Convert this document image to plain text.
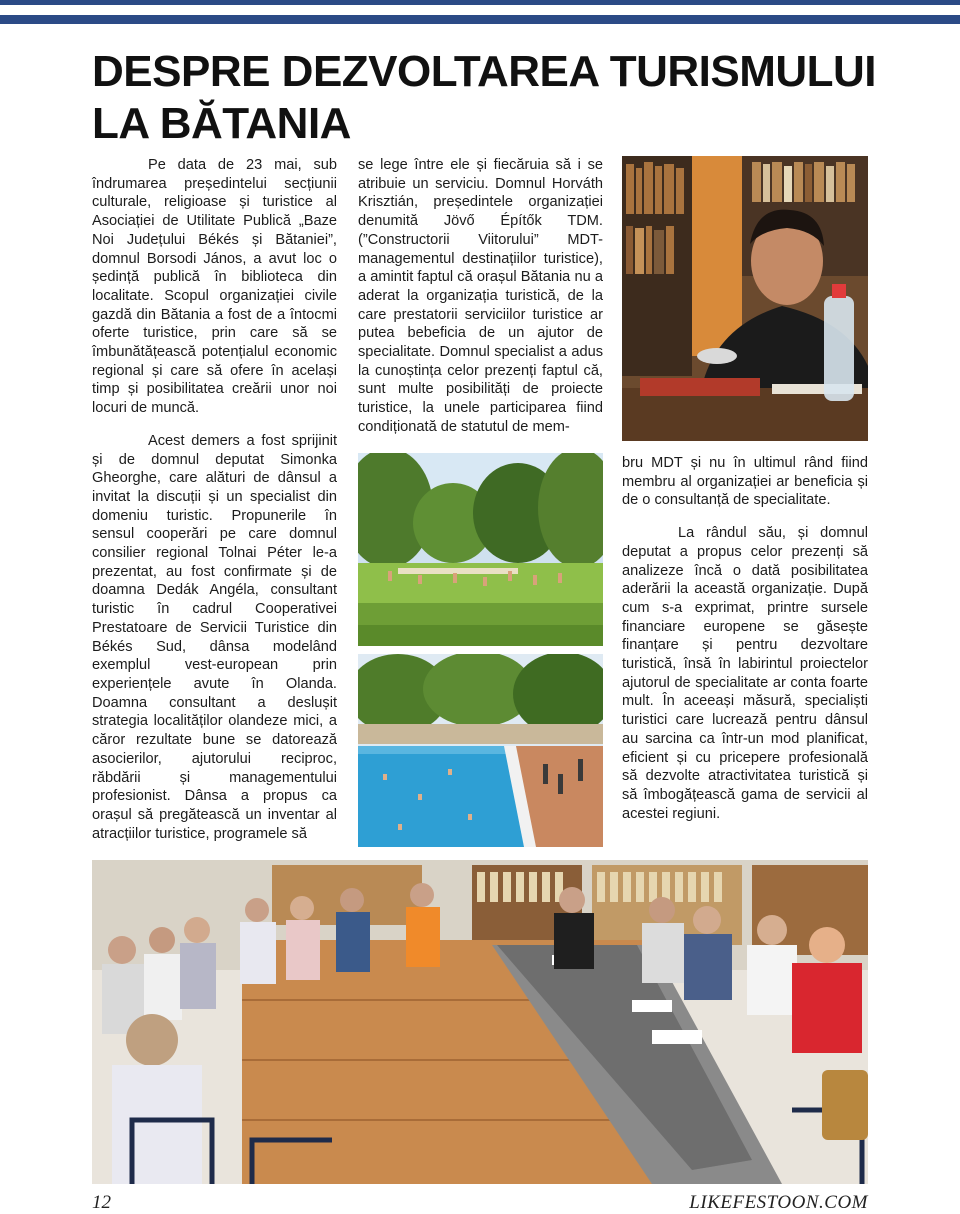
DESPRE DEZVOLTAREA TURISMULUI
LA BĂTANIA

Pe data de 23 mai, sub îndrumarea președintelui secțiunii culturale, religioase și turistice al Asociației de Utilitate Publică „Baze Noi Județului Békés și Bătaniei”, domnul Borsodi János, a avut loc o ședință publică în biblioteca din localitate. Scopul organizației civile gazdă din Bătania a fost de a întocmi oferte turistice, prin care să se îmbunătățească potențialul economic regional și care să ofere în același timp și posibilitatea creării unor noi locuri de muncă.

Acest demers a fost sprijinit și de domnul deputat Simonka Gheorghe, care alături de dânsul a invitat la discuții și un specialist din domeniu turistic. Propunerile în sensul cooperări pe care domnul consilier regional Tolnai Péter le-a prezentat, au fost confirmate și de doamna Dedák Angéla, consultant turistic în cadrul Cooperativei Prestatoare de Servicii Turistice din Békés Sud, dânsa modelând exemplul vest-european prin experiențele avute în Olanda. Doamna consultant a deslușit strategia localităților olandeze mici, a căror rezultate bune se datorează asocierilor, ajutorului reciproc, răbdării și managementului profesionist. Dânsa a propus ca orașul să pregătească un inventar al atracțiilor turistice, programele să

se lege între ele și fiecăruia să i se atribuie un serviciu. Domnul Horváth Krisztián, președintele organizației denumită Jövő Építők TDM. (”Constructorii Viitorului” MDT-managementul destinațiilor turistice), a amintit faptul că orașul Bătania nu a aderat la organizația turistică, de la care prestatorii serviciilor turistice ar putea bebeficia de un ajutor de specialitate. Domnul specialist a adus la cunoștința celor prezenți faptul că, sunt multe posibilități de proiecte turistice, la unele participarea fiind condiționată de statutul de mem-

bru MDT și nu în ultimul rând fiind membru al organizației ar beneficia și de o consultanță de specialitate.

La rândul său, și domnul deputat a propus celor prezenți să analizeze încă o dată posibilitatea aderării la această organizație. După cum s-a exprimat, printre sursele financiare europene se găsește finanțare și pentru dezvoltare turistică, însă în labirintul proiectelor ajutorul de specialitate ar conta foarte mult. În aceeași măsură, specialiști turistici care lucrează pentru dânsul au sarcina ca într-un mod planificat, eficient și cu pricepere profesională să dezvolte atractivitatea turistică și să îmbogățească gama de servicii al acestei regiuni.

12	LIKEFESTOON.COM
